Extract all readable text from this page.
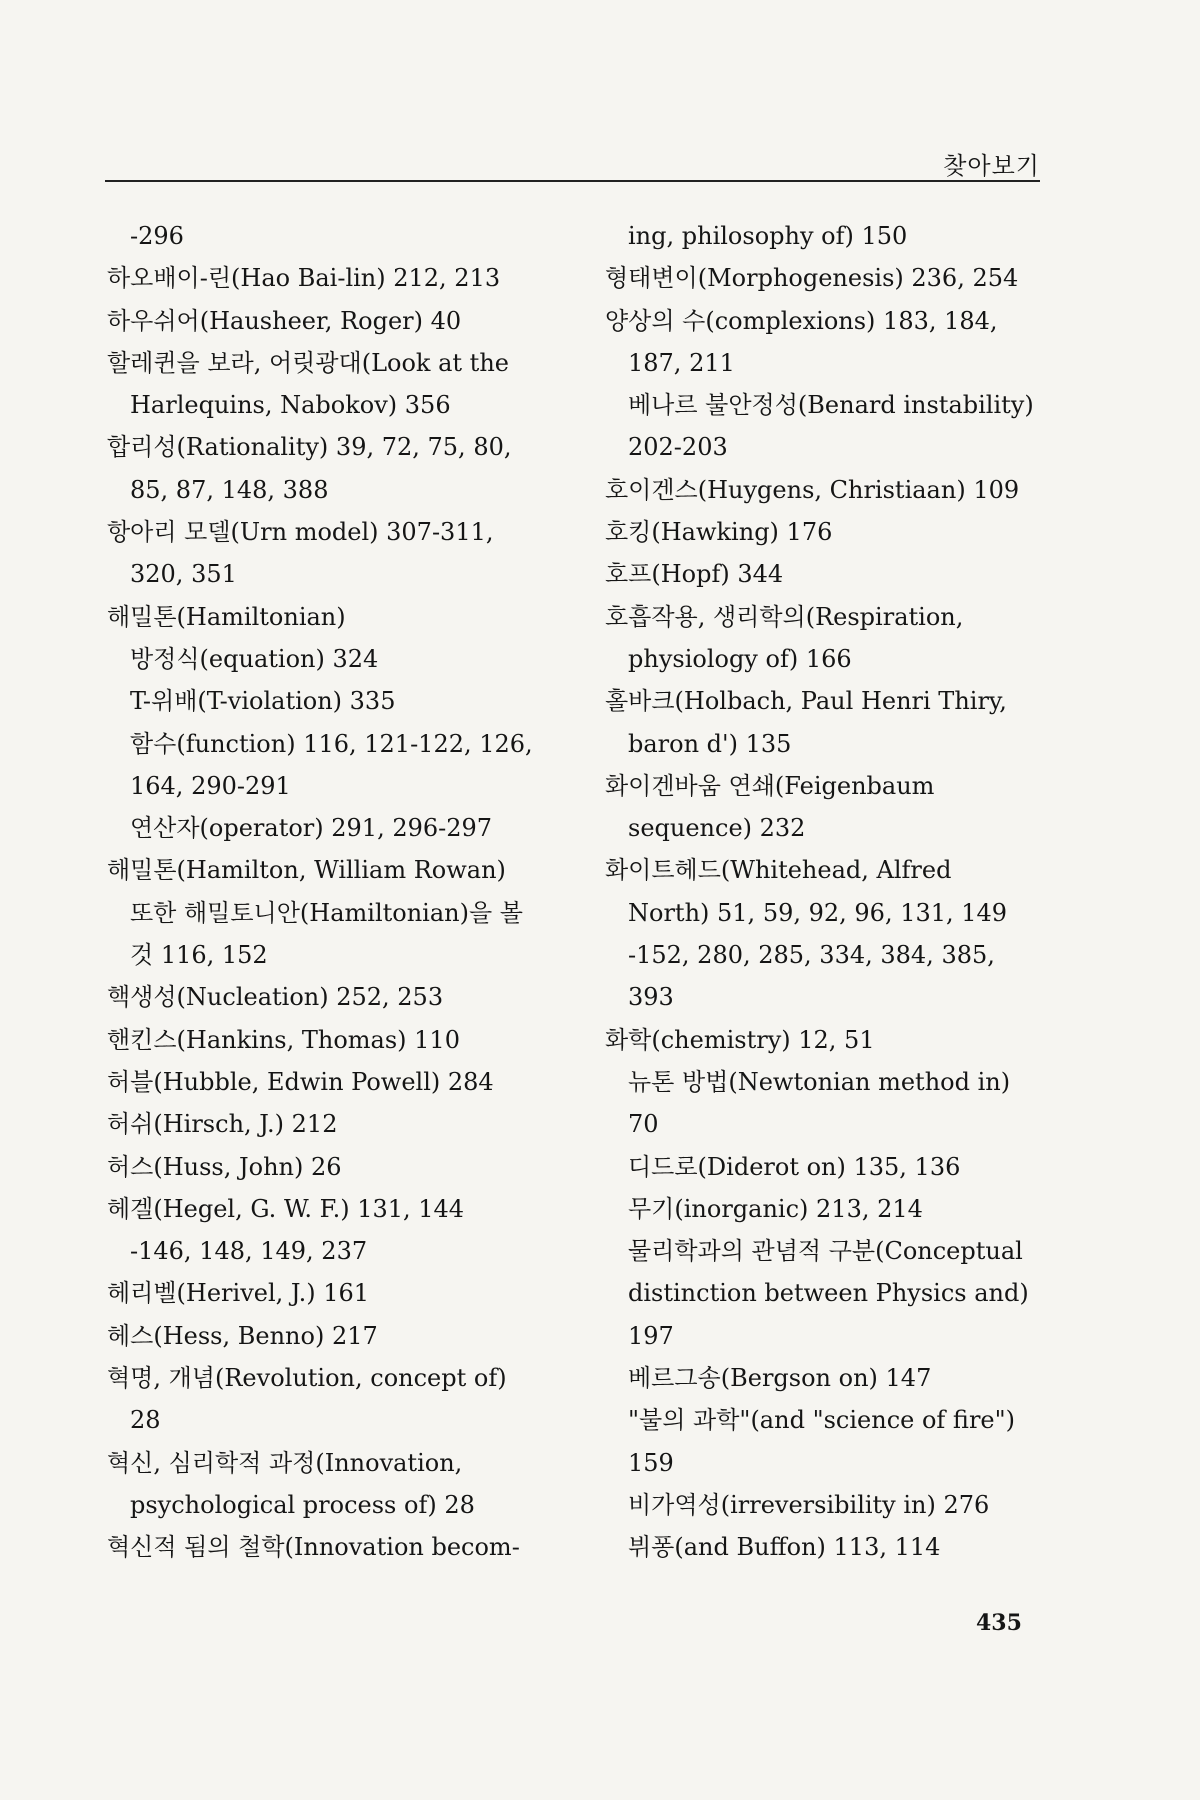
찾아보기
-296
하오배이-린(Hao Bai-lin) 212, 213
하우쉬어(Hausheer, Roger) 40
할레퀸을 보라, 어릿광대(Look at the
Harlequins, Nabokov) 356
합리성(Rationality) 39, 72, 75, 80,
85, 87, 148, 388
항아리 모델(Urn model) 307-311,
320, 351
해밀톤(Hamiltonian)
방정식(equation) 324
T-위배(T-violation) 335
함수(function) 116, 121-122, 126,
164, 290-291
연산자(operator) 291, 296-297
해밀톤(Hamilton, William Rowan)
또한 해밀토니안(Hamiltonian)을 볼
것 116, 152
핵생성(Nucleation) 252, 253
핸킨스(Hankins, Thomas) 110
허블(Hubble, Edwin Powell) 284
허쉬(Hirsch, J.) 212
허스(Huss, John) 26
헤겔(Hegel, G. W. F.) 131, 144
-146, 148, 149, 237
헤리벨(Herivel, J.) 161
헤스(Hess, Benno) 217
혁명, 개념(Revolution, concept of)
28
혁신, 심리학적 과정(Innovation,
psychological process of) 28
혁신적 됨의 철학(Innovation becom-
ing, philosophy of) 150
형태변이(Morphogenesis) 236, 254
양상의 수(complexions) 183, 184,
187, 211
베나르 불안정성(Benard instability)
202-203
호이겐스(Huygens, Christiaan) 109
호킹(Hawking) 176
호프(Hopf) 344
호흡작용, 생리학의(Respiration,
physiology of) 166
홀바크(Holbach, Paul Henri Thiry,
baron d') 135
화이겐바움 연쇄(Feigenbaum
sequence) 232
화이트헤드(Whitehead, Alfred
North) 51, 59, 92, 96, 131, 149
-152, 280, 285, 334, 384, 385,
393
화학(chemistry) 12, 51
뉴톤 방법(Newtonian method in)
70
디드로(Diderot on) 135, 136
무기(inorganic) 213, 214
물리학과의 관념적 구분(Conceptual
distinction between Physics and)
197
베르그송(Bergson on) 147
"불의 과학"(and "science of fire")
159
비가역성(irreversibility in) 276
뷔퐁(and Buffon) 113, 114
435
